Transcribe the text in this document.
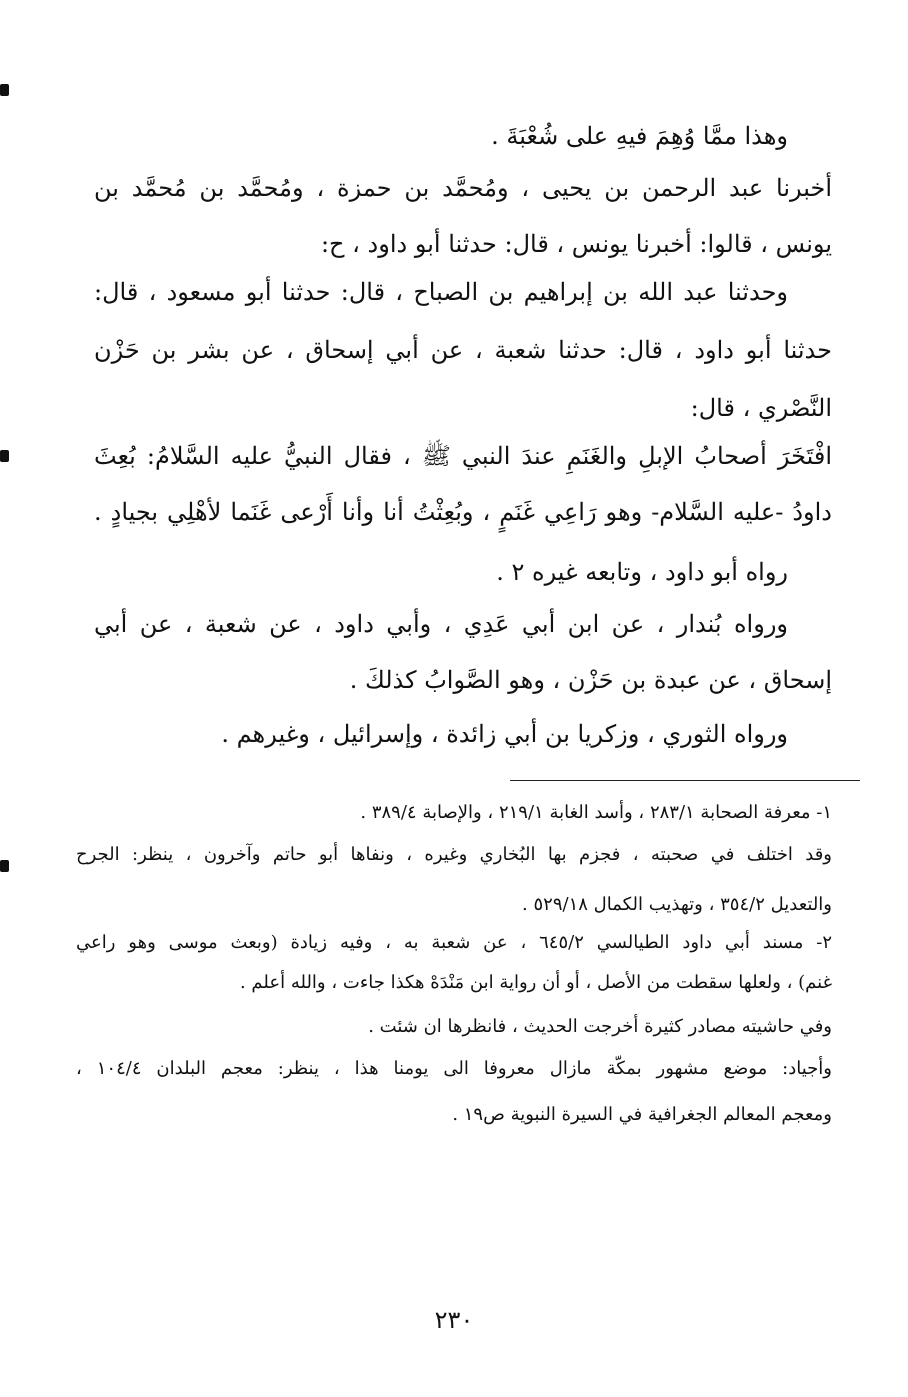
وهذا ممَّا وُهِمَ فيهِ على شُعْبَةَ .
أخبرنا عبد الرحمن بن يحيى ، ومُحمَّد بن حمزة ، ومُحمَّد بن مُحمَّد بن
يونس ، قالوا: أخبرنا يونس ، قال: حدثنا أبو داود ، ح:
وحدثنا عبد الله بن إبراهيم بن الصباح ، قال: حدثنا أبو مسعود ، قال:
حدثنا أبو داود ، قال: حدثنا شعبة ، عن أبي إسحاق ، عن بشر بن حَزْن
النَّصْري ، قال:
افْتَخَرَ أصحابُ الإبلِ والغَنَمِ عندَ النبي ﷺ ، فقال النبيُّ عليه السَّلامُ: بُعِثَ
داودُ -عليه السَّلام- وهو رَاعِي غَنَمٍ ، وبُعِثْتُ أنا وأنا أَرْعى غَنَما لأهْلِي بجيادٍ .
رواه أبو داود ، وتابعه غيره ٢ .
ورواه بُندار ، عن ابن أبي عَدِي ، وأبي داود ، عن شعبة ، عن أبي
إسحاق ، عن عبدة بن حَزْن ، وهو الصَّوابُ كذلكَ .
ورواه الثوري ، وزكريا بن أبي زائدة ، وإسرائيل ، وغيرهم .
١- معرفة الصحابة ٢٨٣/١ ، وأسد الغابة ٢١٩/١ ، والإصابة ٣٨٩/٤ .
وقد اختلف في صحبته ، فجزم بها البُخاري وغيره ، ونفاها أبو حاتم وآخرون ، ينظر: الجرح
والتعديل ٣٥٤/٢ ، وتهذيب الكمال ٥٢٩/١٨ .
٢- مسند أبي داود الطيالسي ٦٤٥/٢ ، عن شعبة به ، وفيه زيادة (وبعث موسى وهو راعي
غنم) ، ولعلها سقطت من الأصل ، أو أن رواية ابن مَنْدَهْ هكذا جاءت ، والله أعلم .
وفي حاشيته مصادر كثيرة أخرجت الحديث ، فانظرها ان شئت .
وأجياد: موضع مشهور بمكّة مازال معروفا الى يومنا هذا ، ينظر: معجم البلدان ١٠٤/٤ ،
ومعجم المعالم الجغرافية في السيرة النبوية ص١٩ .
٢٣٠
